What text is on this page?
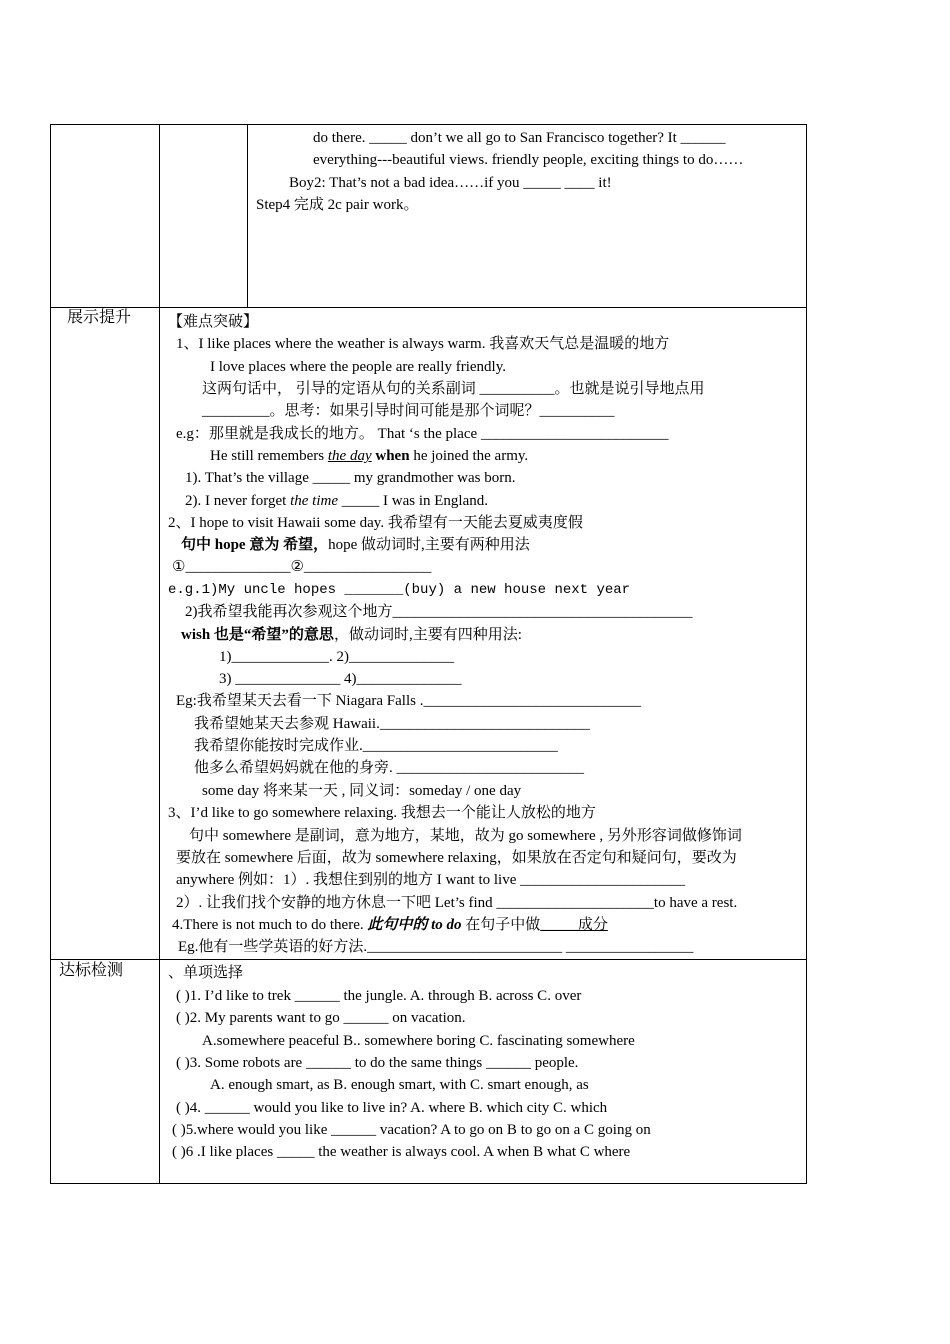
do there. _____ don’t we all go to San Francisco together? It ______
everything---beautiful views. friendly people, exciting things to do……
Boy2: That’s not a bad idea……if you _____ ____ it!
Step4 完成 2c pair work。
展示提升 【难点突破】
1、I like places where the weather is always warm. 我喜欢天气总是温暖的地方
I love places where the people are really friendly.
这两句话中， 引导的定语从句的关系副词 __________。也就是说引导地点用
_________。思考：如果引导时间可能是那个词呢？__________
e.g：那里就是我成长的地方。 That ‘s the place _________________________
He still remembers the day when he joined the army.
1). That’s the village _____ my grandmother was born.
2). I never forget the time _____ I was in England.
2、I hope to visit Hawaii some day. 我希望有一天能去夏威夷度假
句中 hope 意为 希望，hope 做动词时,主要有两种用法
①______________②_________________
e.g.1)My uncle hopes _______(buy) a new house next year
2)我希望我能再次参观这个地方________________________________________
wish 也是“希望”的意思，做动词时,主要有四种用法:
1)_____________. 2)______________
3) ______________ 4)______________
Eg:我希望某天去看一下 Niagara Falls ._____________________________
我希望她某天去参观 Hawaii.____________________________
我希望你能按时完成作业.__________________________
他多么希望妈妈就在他的身旁. _________________________
some day 将来某一天 , 同义词：someday / one day
3、I’d like to go somewhere relaxing. 我想去一个能让人放松的地方
句中 somewhere 是副词，意为地方，某地，故为 go somewhere , 另外形容词做修饰词
要放在 somewhere 后面，故为 somewhere relaxing，如果放在否定句和疑问句，要改为
anywhere 例如：1）. 我想住到别的地方 I want to live ______________________
2）. 让我们找个安静的地方休息一下吧 Let’s find _____________________to have a rest.
4.There is not much to do there. 此句中的 to do 在句子中做_____成分
Eg.他有一些学英语的好方法.__________________________ _________________
达标检测	、单项选择
( )1. I’d like to trek ______ the jungle. A. through B. across C. over
( )2. My parents want to go ______ on vacation.
A.somewhere peaceful B.. somewhere boring C. fascinating somewhere
( )3. Some robots are ______ to do the same things ______ people.
A. enough smart, as B. enough smart, with C. smart enough, as
( )4. ______ would you like to live in? A. where B. which city C. which
( )5.where would you like ______ vacation? A to go on B to go on a C going on
( )6 .I like places _____ the weather is always cool. A when B what C where
